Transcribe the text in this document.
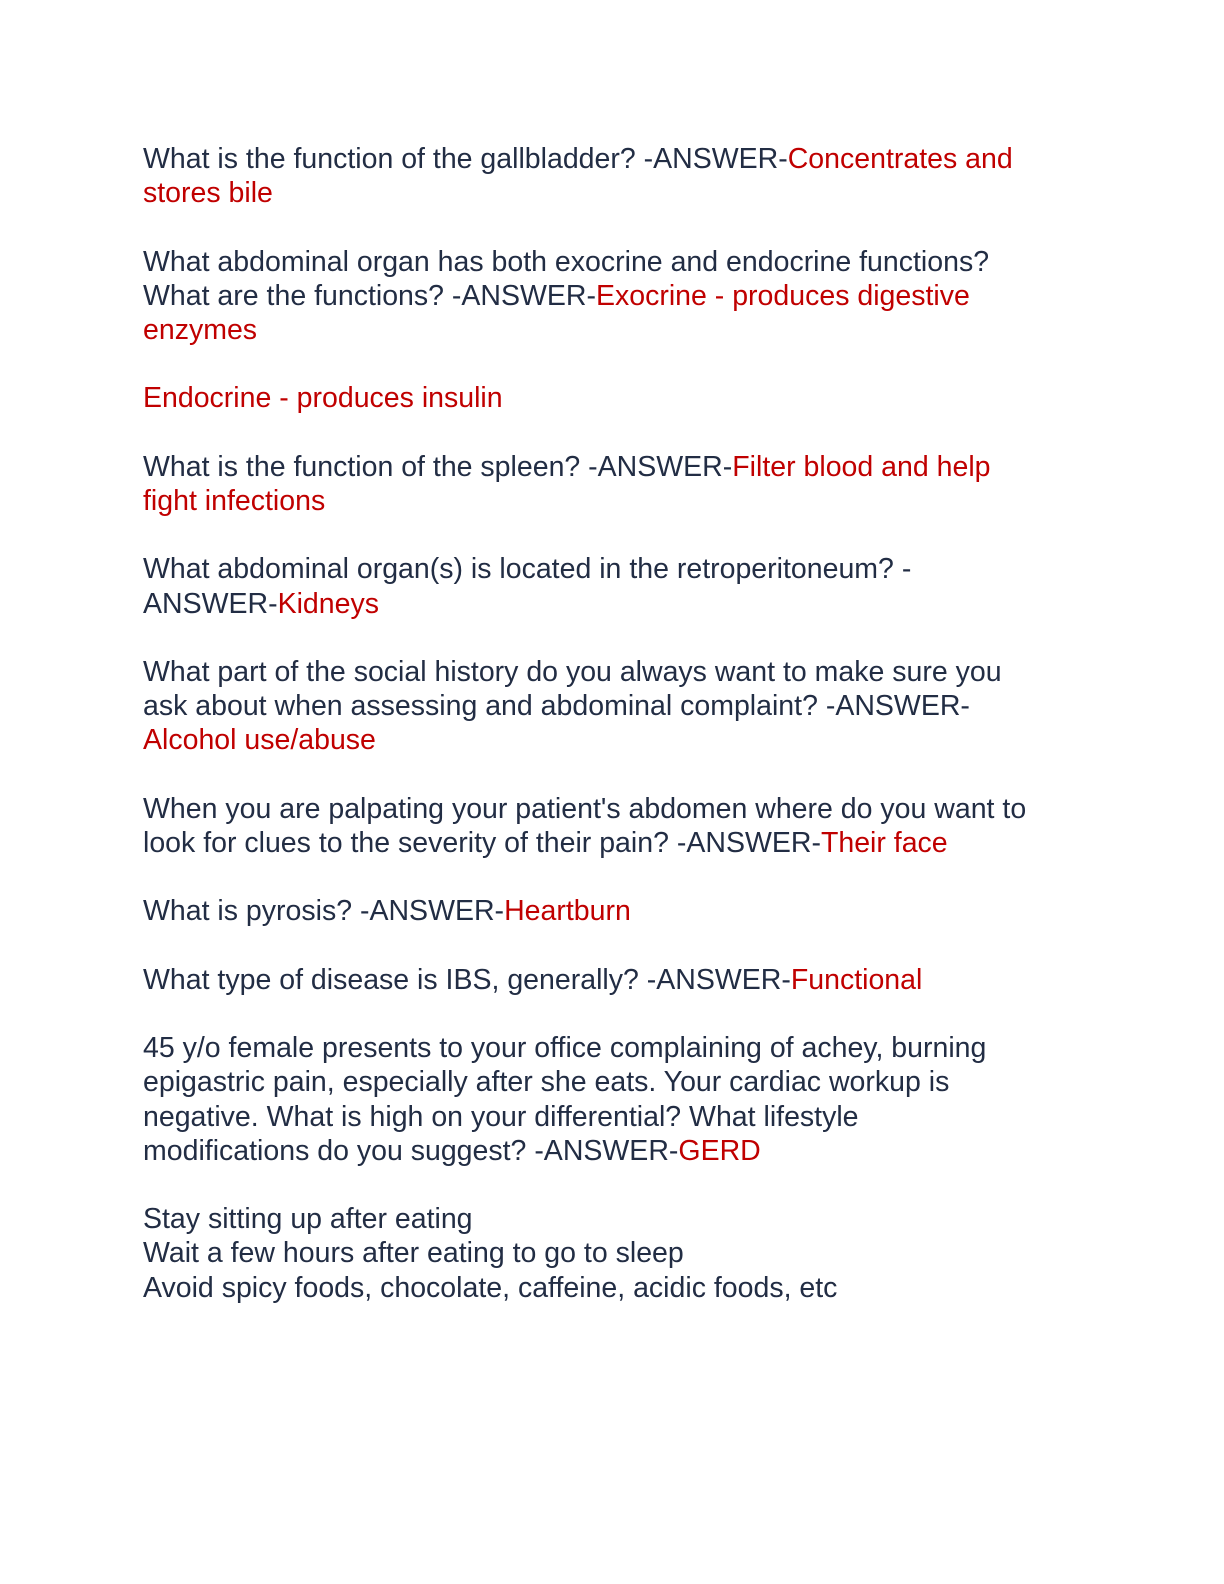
What is the function of the gallbladder? -ANSWER-Concentrates and
stores bile
What abdominal organ has both exocrine and endocrine functions?
What are the functions? -ANSWER-Exocrine - produces digestive
enzymes
Endocrine - produces insulin
What is the function of the spleen? -ANSWER-Filter blood and help
fight infections
What abdominal organ(s) is located in the retroperitoneum? -
ANSWER-Kidneys
What part of the social history do you always want to make sure you
ask about when assessing and abdominal complaint? -ANSWER-
Alcohol use/abuse
When you are palpating your patient's abdomen where do you want to
look for clues to the severity of their pain? -ANSWER-Their face
What is pyrosis? -ANSWER-Heartburn
What type of disease is IBS, generally? -ANSWER-Functional
45 y/o female presents to your office complaining of achey, burning
epigastric pain, especially after she eats. Your cardiac workup is
negative. What is high on your differential? What lifestyle
modifications do you suggest? -ANSWER-GERD
Stay sitting up after eating
Wait a few hours after eating to go to sleep
Avoid spicy foods, chocolate, caffeine, acidic foods, etc
